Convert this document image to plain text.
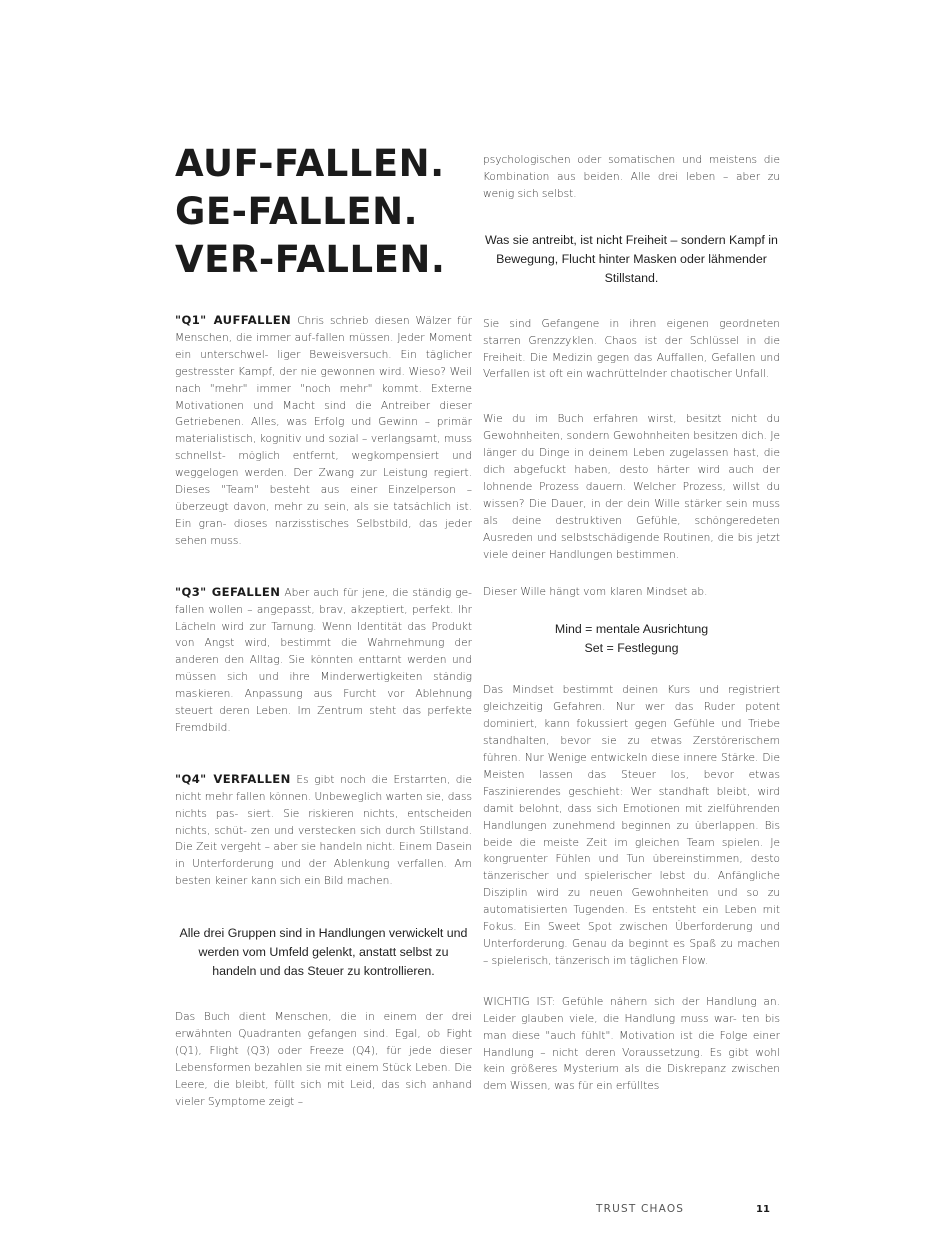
AUF-FALLEN.
GE-FALLEN.
VER-FALLEN.

"Q1" AUFFALLEN Chris schrieb diesen Wälzer für Menschen, die immer auf-fallen müssen. Jeder Moment ein unterschwel- liger Beweisversuch. Ein täglicher gestresster Kampf, der nie gewonnen wird. Wieso? Weil nach "mehr" immer "noch mehr" kommt. Externe Motivationen und Macht sind die Antreiber dieser Getriebenen. Alles, was Erfolg und Gewinn – primär materialistisch, kognitiv und sozial – verlangsamt, muss schnellst- möglich entfernt, wegkompensiert und weggelogen werden. Der Zwang zur Leistung regiert. Dieses "Team" besteht aus einer Einzelperson – überzeugt davon, mehr zu sein, als sie tatsächlich ist. Ein gran- dioses narzisstisches Selbstbild, das jeder sehen muss.

"Q3" GEFALLEN Aber auch für jene, die ständig ge-fallen wollen – angepasst, brav, akzeptiert, perfekt. Ihr Lächeln wird zur Tarnung. Wenn Identität das Produkt von Angst wird, bestimmt die Wahrnehmung der anderen den Alltag. Sie könnten enttarnt werden und müssen sich und ihre Minderwertigkeiten ständig maskieren. Anpassung aus Furcht vor Ablehnung steuert deren Leben. Im Zentrum steht das perfekte Fremdbild.

"Q4" VERFALLEN Es gibt noch die Erstarrten, die nicht mehr fallen können. Unbeweglich warten sie, dass nichts pas- siert. Sie riskieren nichts, entscheiden nichts, schüt- zen und verstecken sich durch Stillstand. Die Zeit vergeht – aber sie handeln nicht. Einem Dasein in Unterforderung und der Ablenkung verfallen. Am besten keiner kann sich ein Bild machen.

Alle drei Gruppen sind in Handlungen verwickelt und werden vom Umfeld gelenkt, anstatt selbst zu handeln und das Steuer zu kontrollieren.

Das Buch dient Menschen, die in einem der drei erwähnten Quadranten gefangen sind. Egal, ob Fight (Q1), Flight (Q3) oder Freeze (Q4), für jede dieser Lebensformen bezahlen sie mit einem Stück Leben. Die Leere, die bleibt, füllt sich mit Leid, das sich anhand vieler Symptome zeigt –

psychologischen oder somatischen und meistens die Kombination aus beiden. Alle drei leben – aber zu wenig sich selbst.

Was sie antreibt, ist nicht Freiheit – sondern Kampf in Bewegung, Flucht hinter Masken oder lähmender Stillstand.

Sie sind Gefangene in ihren eigenen geordneten starren Grenzzyklen. Chaos ist der Schlüssel in die Freiheit. Die Medizin gegen das Auffallen, Gefallen und Verfallen ist oft ein wachrüttelnder chaotischer Unfall.

Wie du im Buch erfahren wirst, besitzt nicht du Gewohnheiten, sondern Gewohnheiten besitzen dich. Je länger du Dinge in deinem Leben zugelassen hast, die dich abgefuckt haben, desto härter wird auch der lohnende Prozess dauern. Welcher Prozess, willst du wissen? Die Dauer, in der dein Wille stärker sein muss als deine destruktiven Gefühle, schöngeredeten Ausreden und selbstschädigende Routinen, die bis jetzt viele deiner Handlungen bestimmen.

Dieser Wille hängt vom klaren Mindset ab.

Mind = mentale Ausrichtung
Set = Festlegung

Das Mindset bestimmt deinen Kurs und registriert gleichzeitig Gefahren. Nur wer das Ruder potent dominiert, kann fokussiert gegen Gefühle und Triebe standhalten, bevor sie zu etwas Zerstörerischem führen. Nur Wenige entwickeln diese innere Stärke. Die Meisten lassen das Steuer los, bevor etwas Faszinierendes geschieht: Wer standhaft bleibt, wird damit belohnt, dass sich Emotionen mit zielführenden Handlungen zunehmend beginnen zu überlappen. Bis beide die meiste Zeit im gleichen Team spielen. Je kongruenter Fühlen und Tun übereinstimmen, desto tänzerischer und spielerischer lebst du. Anfängliche Disziplin wird zu neuen Gewohnheiten und so zu automatisierten Tugenden. Es entsteht ein Leben mit Fokus. Ein Sweet Spot zwischen Überforderung und Unterforderung. Genau da beginnt es Spaß zu machen – spielerisch, tänzerisch im täglichen Flow.

WICHTIG IST: Gefühle nähern sich der Handlung an. Leider glauben viele, die Handlung muss war- ten bis man diese "auch fühlt". Motivation ist die Folge einer Handlung – nicht deren Voraussetzung. Es gibt wohl kein größeres Mysterium als die Diskrepanz zwischen dem Wissen, was für ein erfülltes

TRUST CHAOS	11
